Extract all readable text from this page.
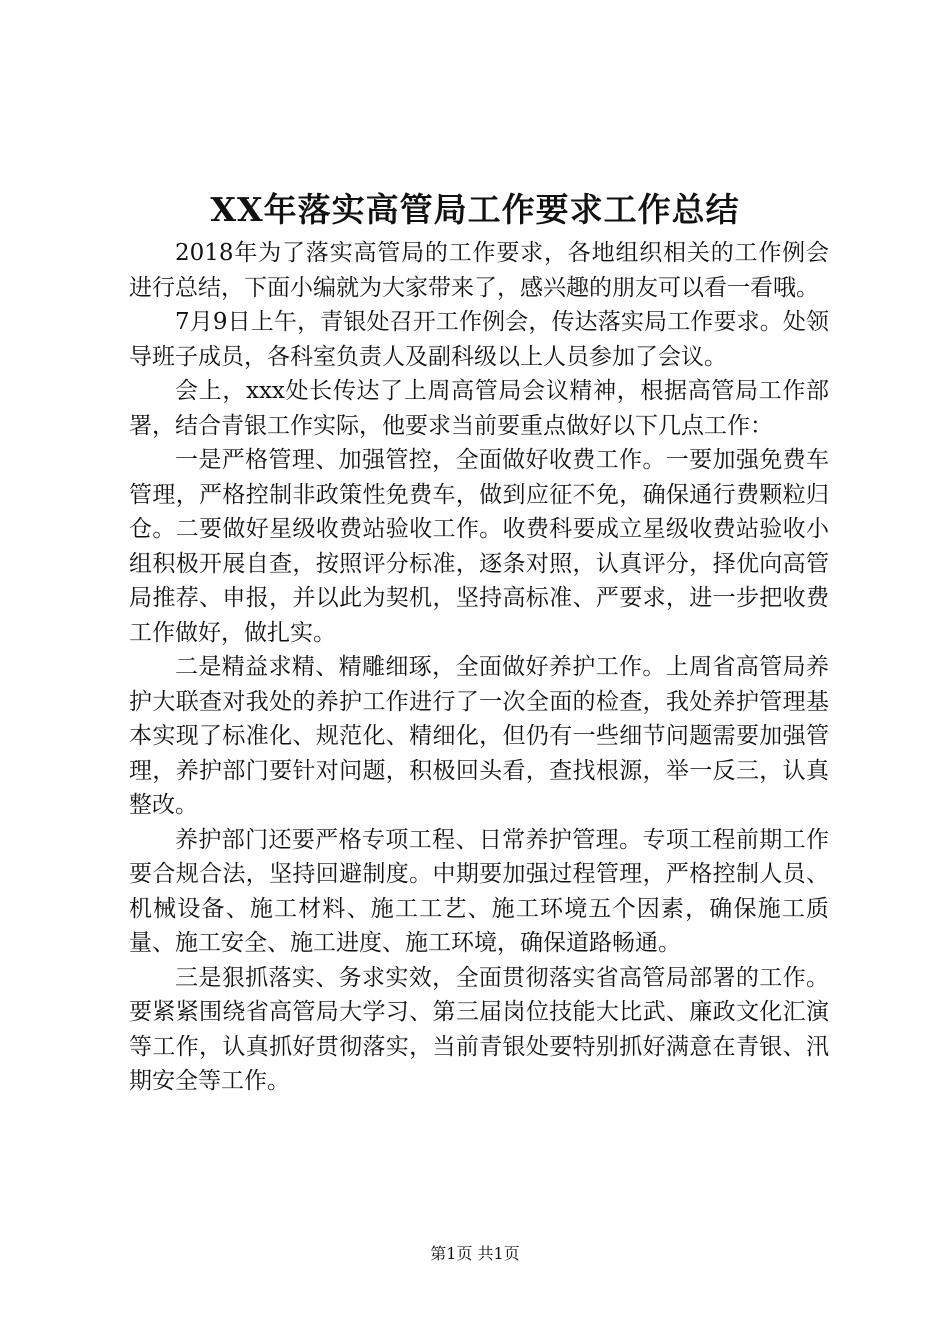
XX年落实高管局工作要求工作总结

2018年为了落实高管局的工作要求，各地组织相关的工作例会进行总结，下面小编就为大家带来了，感兴趣的朋友可以看一看哦。

7月9日上午，青银处召开工作例会，传达落实局工作要求。处领导班子成员，各科室负责人及副科级以上人员参加了会议。

会上，xxx处长传达了上周高管局会议精神，根据高管局工作部署，结合青银工作实际，他要求当前要重点做好以下几点工作：

一是严格管理、加强管控，全面做好收费工作。一要加强免费车管理，严格控制非政策性免费车，做到应征不免，确保通行费颗粒归仓。二要做好星级收费站验收工作。收费科要成立星级收费站验收小组积极开展自查，按照评分标准，逐条对照，认真评分，择优向高管局推荐、申报，并以此为契机，坚持高标准、严要求，进一步把收费工作做好，做扎实。

二是精益求精、精雕细琢，全面做好养护工作。上周省高管局养护大联查对我处的养护工作进行了一次全面的检查，我处养护管理基本实现了标准化、规范化、精细化，但仍有一些细节问题需要加强管理，养护部门要针对问题，积极回头看，查找根源，举一反三，认真整改。

养护部门还要严格专项工程、日常养护管理。专项工程前期工作要合规合法，坚持回避制度。中期要加强过程管理，严格控制人员、机械设备、施工材料、施工工艺、施工环境五个因素，确保施工质量、施工安全、施工进度、施工环境，确保道路畅通。

三是狠抓落实、务求实效，全面贯彻落实省高管局部署的工作。要紧紧围绕省高管局大学习、第三届岗位技能大比武、廉政文化汇演等工作，认真抓好贯彻落实，当前青银处要特别抓好满意在青银、汛期安全等工作。

第1页 共1页
